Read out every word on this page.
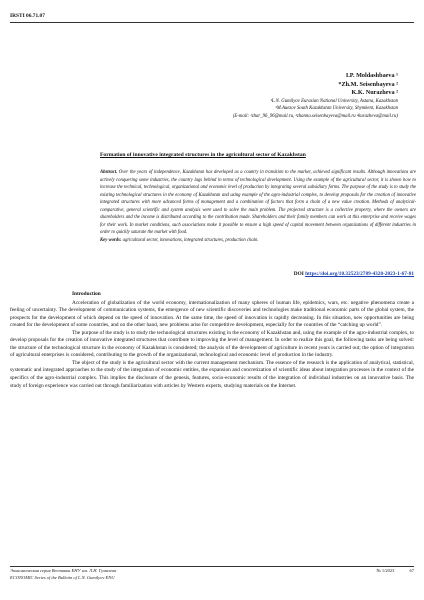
IRSTI 06.71.07
I.P. Moldashbaeva ¹
*Zh.M. Seisenbayeva ²
K.K. Nurazheva ²
¹L.N. Gumilyov Eurasian National University, Astana, Kazakhstan
²M.Auezov South Kazakhstan University, Shymkent, Kazakhstan
(E-mail: ¹zhar_96_96@mail.ru, ²zhanna.seisenbayeva@mail.ru ³kurazheva@mail.ru)
Formation of innovative integrated structures in the agricultural sector of Kazakhstan
Abstract. Over the years of independence, Kazakhstan has developed as a country in transition to the market, achieved significant results. Although innovations are actively conquering some industries, the country lags behind in terms of technological development. Using the example of the agricultural sector, it is shown how to increase the technical, technological, organizational and economic level of production by integrating several subsidiary forms. The purpose of the study is to study the existing technological structures in the economy of Kazakhstan and using example of the agro-industrial complex, to develop proposals for the creation of innovative integrated structures with more advanced forms of management and a combination of factors that form a chain of a new value creation. Methods of analytical-comparative, general scientific and system analysis were used to solve the main problem. The projected structure is a collective property, where the owners are shareholders and the income is distributed according to the contribution made. Shareholders and their family members can work at this enterprise and receive wages for their work. In market conditions, such associations make it possible to ensure a high speed of capital movement between organizations of different industries in order to quickly saturate the market with food.
Key words: agricultural sector, innovations, integrated structures, production chain.
DOI https://doi.org/10.32523/2789-4320-2023-1-67-81
Introduction

Acceleration of globalization of the world economy, internationalization of many spheres of human life, epidemics, wars, etc. negative phenomena create a feeling of uncertainty. The development of communication systems, the emergence of new scientific discoveries and technologies make traditional economic parts of the global system, the prospects for the development of which depend on the speed of innovation. At the same time, the speed of innovation is rapidly decreasing. In this situation, new opportunities are being created for the development of some countries, and on the other hand, new problems arise for competitive development, especially for the countries of the “catching up world”.

The purpose of the study is to study the technological structures existing in the economy of Kazakhstan and, using the example of the agro-industrial complex, to develop proposals for the creation of innovative integrated structures that contribute to improving the level of management. In order to realize this goal, the following tasks are being solved: the structure of the technological structure in the economy of Kazakhstan is considered; the analysis of the development of agriculture in recent years is carried out; the option of integration of agricultural enterprises is considered, contributing to the growth of the organizational, technological and economic level of production in the industry.

The object of the study is the agricultural sector with the current management mechanism. The essence of the research is the application of analytical, statistical, systematic and integrated approaches to the study of the integration of economic entities, the expansion and concretization of scientific ideas about integration processes in the context of the specifics of the agro-industrial complex. This implies the disclosure of the genesis, features, socio-economic results of the integration of individual industries on an innovative basis. The study of foreign experience was carried out through familiarization with articles by Western experts, studying materials on the Internet.

Экономическая серия Вестника ЕНУ им. Л.Н. Гумилева
ECONOMIC Series of the Bulletin of L.N. Gumilyov ENU
№ 1/2023	67
